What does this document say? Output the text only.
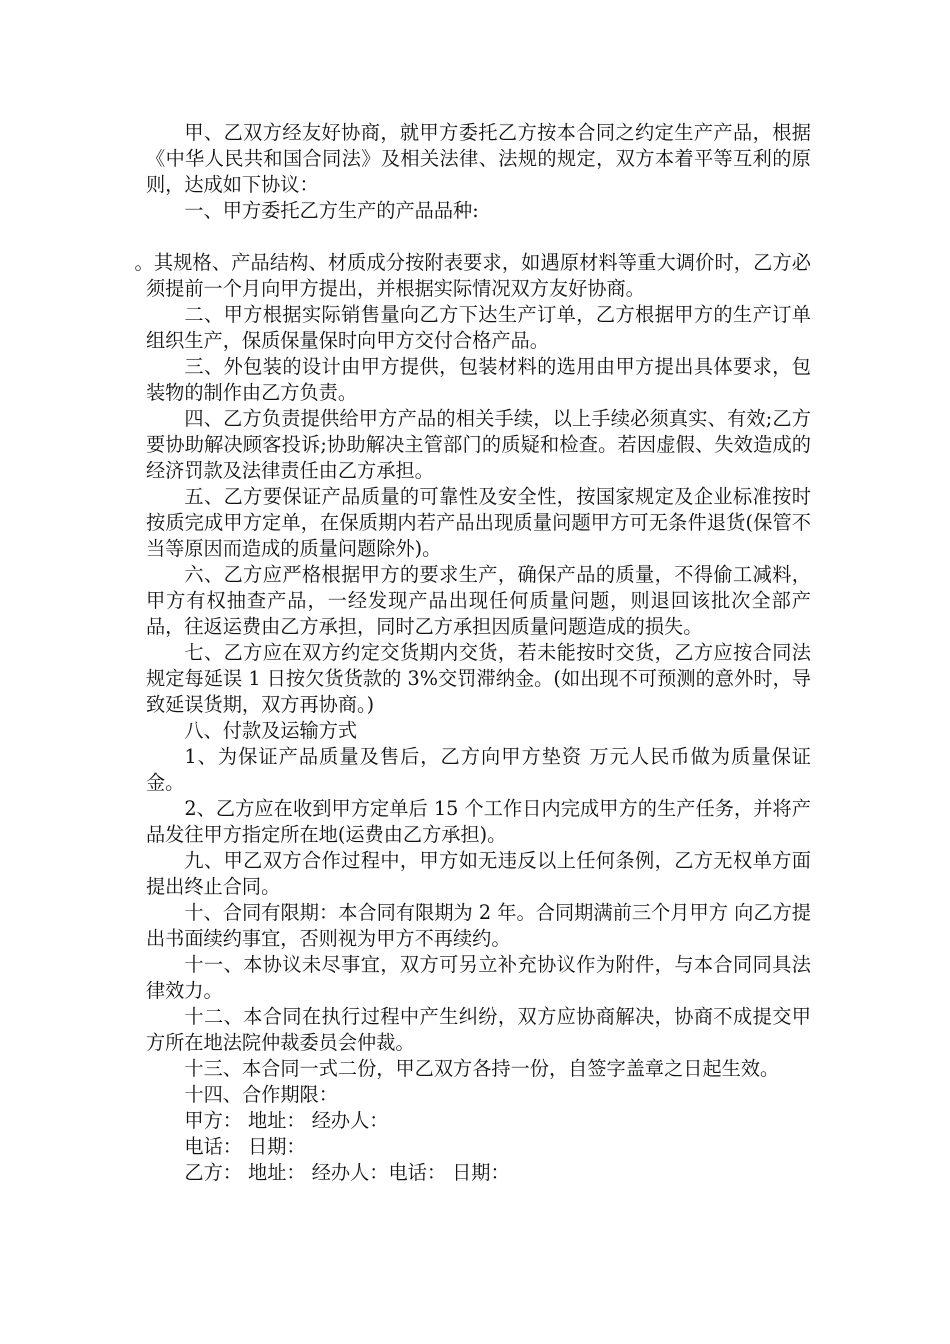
甲、乙双方经友好协商，就甲方委托乙方按本合同之约定生产产品，根据《中华人民共和国合同法》及相关法律、法规的规定，双方本着平等互利的原则，达成如下协议：

一、甲方委托乙方生产的产品品种:

。其规格、产品结构、材质成分按附表要求，如遇原材料等重大调价时，乙方必须提前一个月向甲方提出，并根据实际情况双方友好协商。

二、甲方根据实际销售量向乙方下达生产订单，乙方根据甲方的生产订单组织生产，保质保量保时向甲方交付合格产品。

三、外包装的设计由甲方提供，包装材料的选用由甲方提出具体要求，包装物的制作由乙方负责。

四、乙方负责提供给甲方产品的相关手续，以上手续必须真实、有效;乙方要协助解决顾客投诉;协助解决主管部门的质疑和检查。若因虚假、失效造成的经济罚款及法律责任由乙方承担。

五、乙方要保证产品质量的可靠性及安全性，按国家规定及企业标准按时按质完成甲方定单，在保质期内若产品出现质量问题甲方可无条件退货(保管不当等原因而造成的质量问题除外)。

六、乙方应严格根据甲方的要求生产，确保产品的质量，不得偷工减料，甲方有权抽查产品，一经发现产品出现任何质量问题，则退回该批次全部产品，往返运费由乙方承担，同时乙方承担因质量问题造成的损失。

七、乙方应在双方约定交货期内交货，若未能按时交货，乙方应按合同法规定每延误 1 日按欠货货款的 3%交罚滞纳金。(如出现不可预测的意外时，导致延误货期，双方再协商。)

八、付款及运输方式

1、为保证产品质量及售后，乙方向甲方垫资 万元人民币做为质量保证金。

2、乙方应在收到甲方定单后 15 个工作日内完成甲方的生产任务，并将产品发往甲方指定所在地(运费由乙方承担)。

九、甲乙双方合作过程中，甲方如无违反以上任何条例，乙方无权单方面提出终止合同。

十、合同有限期：本合同有限期为 2 年。合同期满前三个月甲方 向乙方提出书面续约事宜，否则视为甲方不再续约。

十一、本协议未尽事宜，双方可另立补充协议作为附件，与本合同同具法律效力。

十二、本合同在执行过程中产生纠纷，双方应协商解决，协商不成提交甲方所在地法院仲裁委员会仲裁。

十三、本合同一式二份，甲乙双方各持一份，自签字盖章之日起生效。

十四、合作期限：

甲方： 地址： 经办人：

电话： 日期：

乙方： 地址： 经办人：电话： 日期：
